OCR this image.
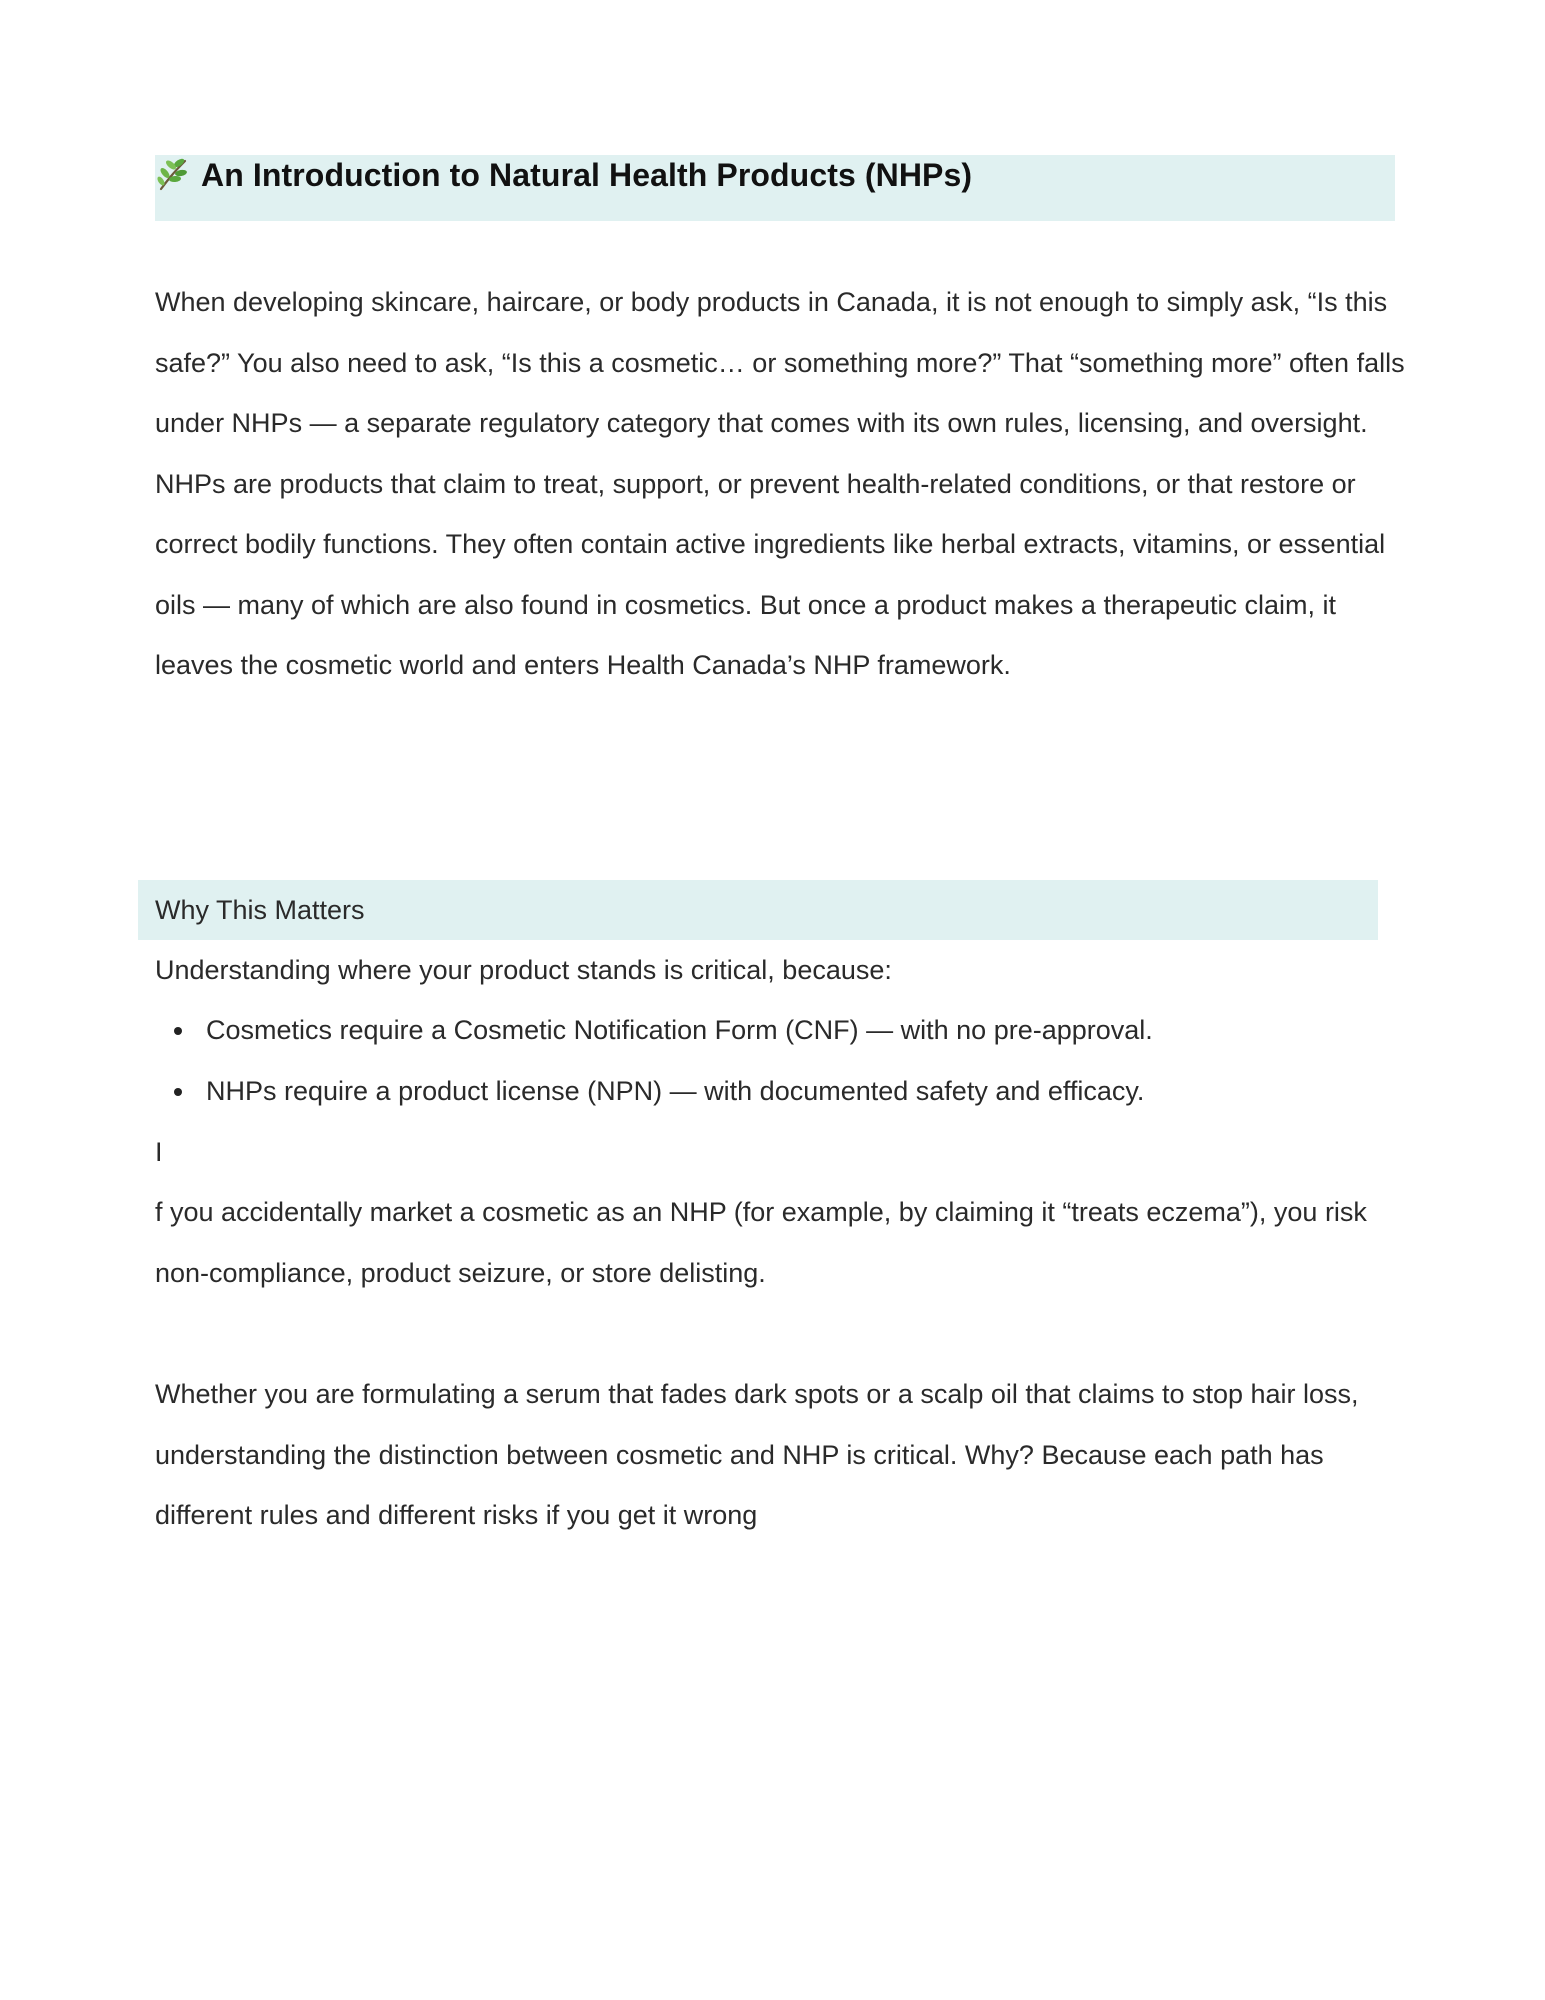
An Introduction to Natural Health Products (NHPs)

When developing skincare, haircare, or body products in Canada, it is not enough to simply ask, “Is this safe?” You also need to ask, “Is this a cosmetic… or something more?” That “something more” often falls under NHPs — a separate regulatory category that comes with its own rules, licensing, and oversight.

NHPs are products that claim to treat, support, or prevent health-related conditions, or that restore or correct bodily functions. They often contain active ingredients like herbal extracts, vitamins, or essential oils — many of which are also found in cosmetics. But once a product makes a therapeutic claim, it leaves the cosmetic world and enters Health Canada’s NHP framework.

Why This Matters
Understanding where your product stands is critical, because:
Cosmetics require a Cosmetic Notification Form (CNF) — with no pre-approval.
NHPs require a product license (NPN) — with documented safety and efficacy.
I

f you accidentally market a cosmetic as an NHP (for example, by claiming it “treats eczema”), you risk non-compliance, product seizure, or store delisting.

Whether you are formulating a serum that fades dark spots or a scalp oil that claims to stop hair loss, understanding the distinction between cosmetic and NHP is critical. Why? Because each path has different rules and different risks if you get it wrong
